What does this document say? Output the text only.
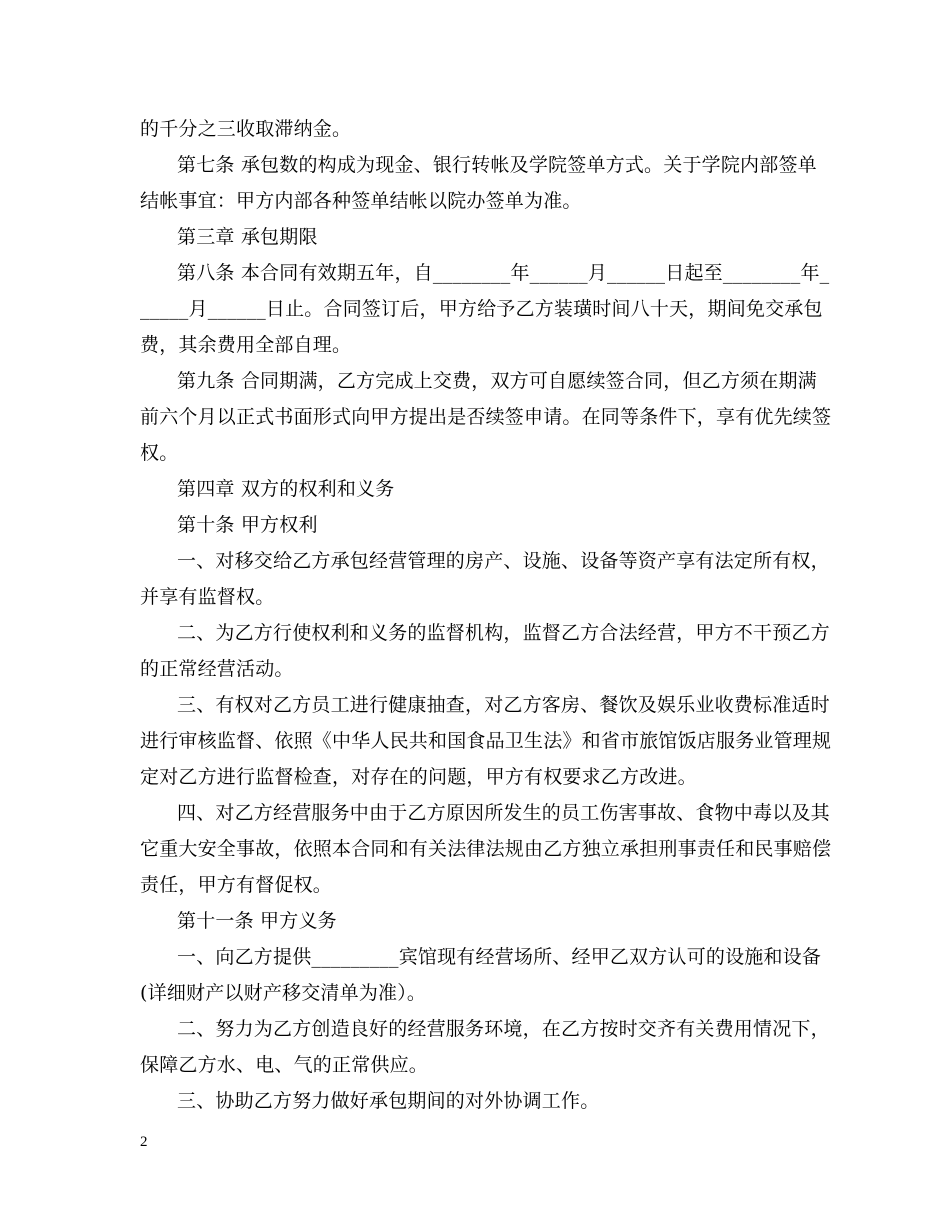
的千分之三收取滞纳金。
第七条 承包数的构成为现金、银行转帐及学院签单方式。关于学院内部签单
结帐事宜：甲方内部各种签单结帐以院办签单为准。
第三章 承包期限
第八条 本合同有效期五年，自________年______月______日起至________年_
_____月______日止。合同签订后，甲方给予乙方装璜时间八十天，期间免交承包
费，其余费用全部自理。
第九条 合同期满，乙方完成上交费，双方可自愿续签合同，但乙方须在期满
前六个月以正式书面形式向甲方提出是否续签申请。在同等条件下，享有优先续签
权。
第四章 双方的权利和义务
第十条 甲方权利
一、对移交给乙方承包经营管理的房产、设施、设备等资产享有法定所有权，
并享有监督权。
二、为乙方行使权利和义务的监督机构，监督乙方合法经营，甲方不干预乙方
的正常经营活动。
三、有权对乙方员工进行健康抽查，对乙方客房、餐饮及娱乐业收费标准适时
进行审核监督、依照《中华人民共和国食品卫生法》和省市旅馆饭店服务业管理规
定对乙方进行监督检查，对存在的问题，甲方有权要求乙方改进。
四、对乙方经营服务中由于乙方原因所发生的员工伤害事故、食物中毒以及其
它重大安全事故，依照本合同和有关法律法规由乙方独立承担刑事责任和民事赔偿
责任，甲方有督促权。
第十一条 甲方义务
一、向乙方提供_________宾馆现有经营场所、经甲乙双方认可的设施和设备
(详细财产以财产移交清单为准）。
二、努力为乙方创造良好的经营服务环境，在乙方按时交齐有关费用情况下，
保障乙方水、电、气的正常供应。
三、协助乙方努力做好承包期间的对外协调工作。
2
